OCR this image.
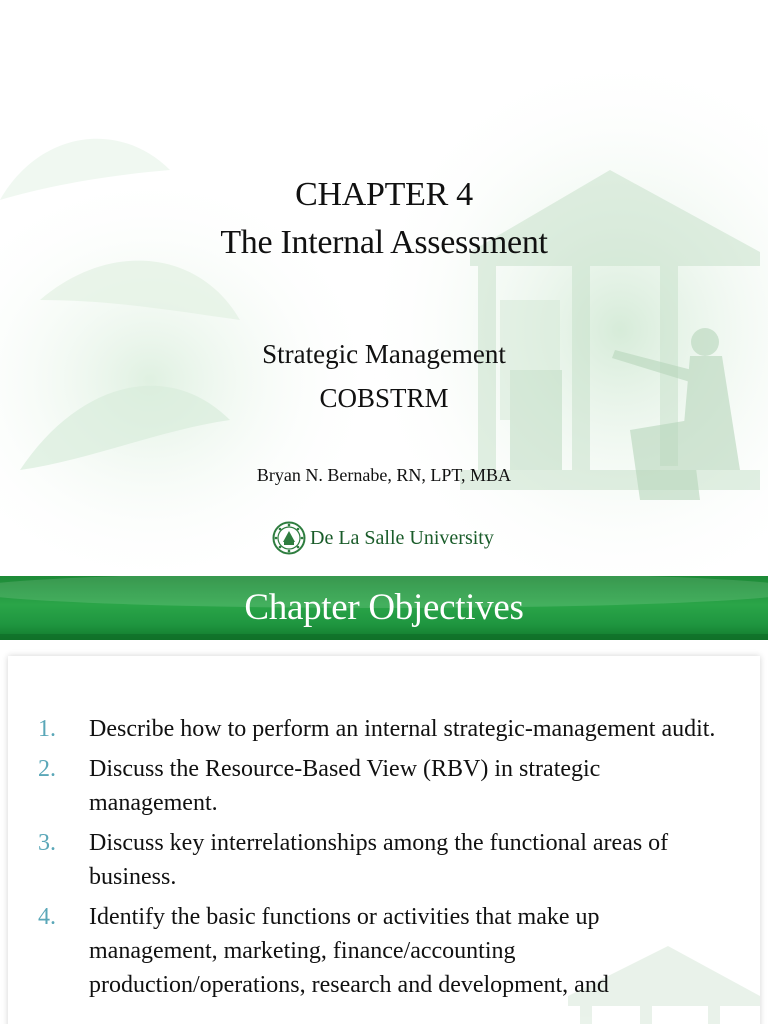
CHAPTER 4
The Internal Assessment
Strategic Management
COBSTRM
Bryan N. Bernabe, RN, LPT, MBA
De La Salle University
Chapter Objectives
1.	Describe how to perform an internal strategic-management audit.
2.	Discuss the Resource-Based View (RBV) in strategic management.
3.	Discuss key interrelationships among the functional areas of business.
4.	Identify the basic functions or activities that make up management, marketing, finance/accounting production/operations, research and development, and
